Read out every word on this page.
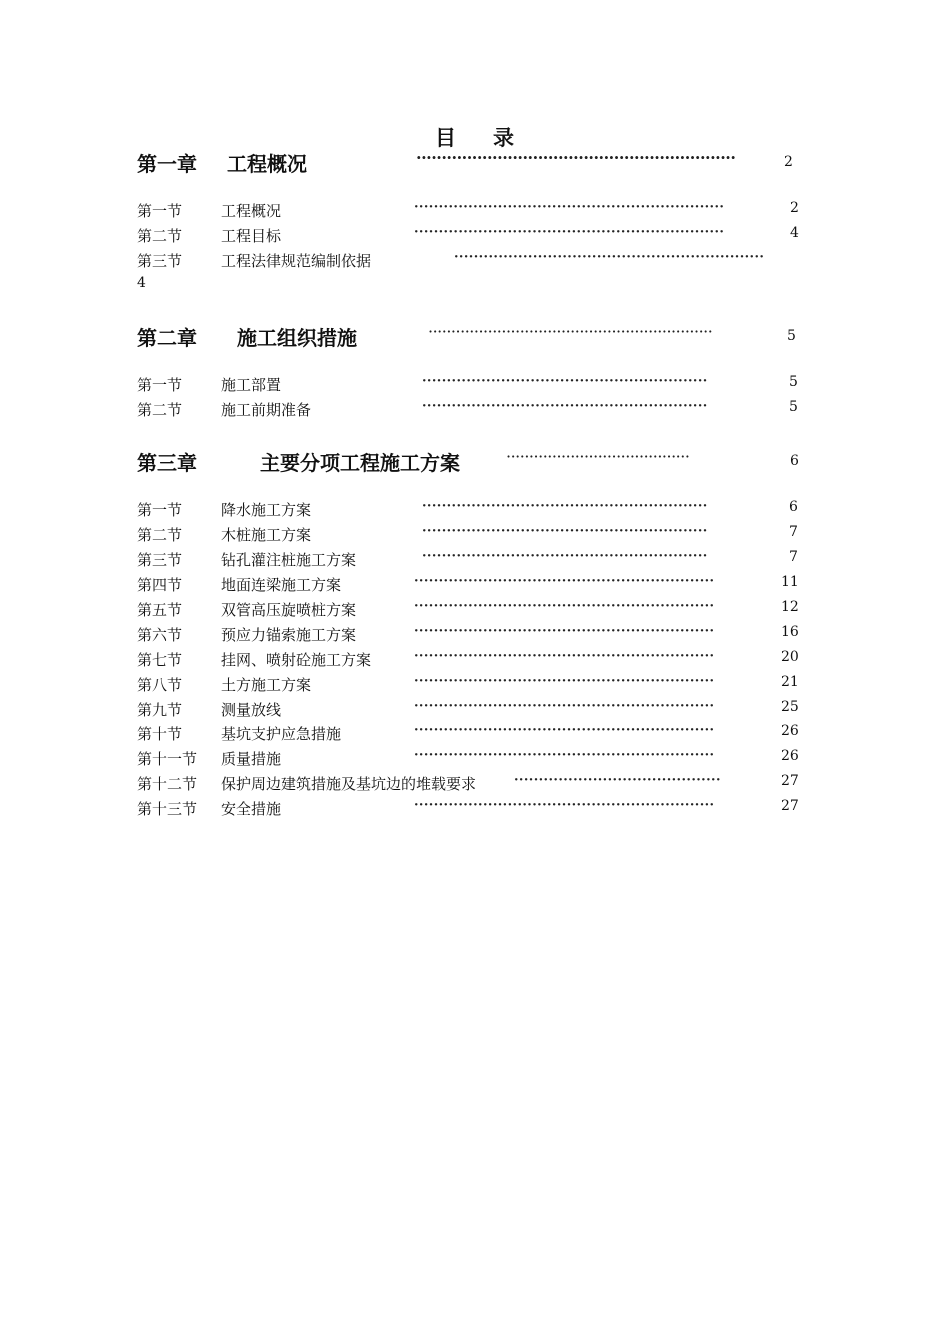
目 录
第一章 工程概况	·······························································	2
第一节	工程概况	·······························································	2
第二节	工程目标	·······························································	4
第三节	工程法律规范编制依据	·······························································
4
第二章 施工组织措施	······························································	5
第一节	施工部置	··························································	5
第二节	施工前期准备	··························································	5
第三章	主要分项工程施工方案	········································	6
第一节	降水施工方案	··························································	6
第二节	木桩施工方案	··························································	7
第三节	钻孔灌注桩施工方案	··························································	7
第四节	地面连梁施工方案	·····························································	11
第五节	双管高压旋喷桩方案	·····························································	12
第六节	预应力锚索施工方案	·····························································	16
第七节	挂网、喷射砼施工方案	·····························································	20
第八节	土方施工方案	·····························································	21
第九节	测量放线	·····························································	25
第十节	基坑支护应急措施	·····························································	26
第十一节 质量措施	·····························································	26
第十二节 保护周边建筑措施及基坑边的堆载要求	··········································	27
第十三节 安全措施	·····························································	27
